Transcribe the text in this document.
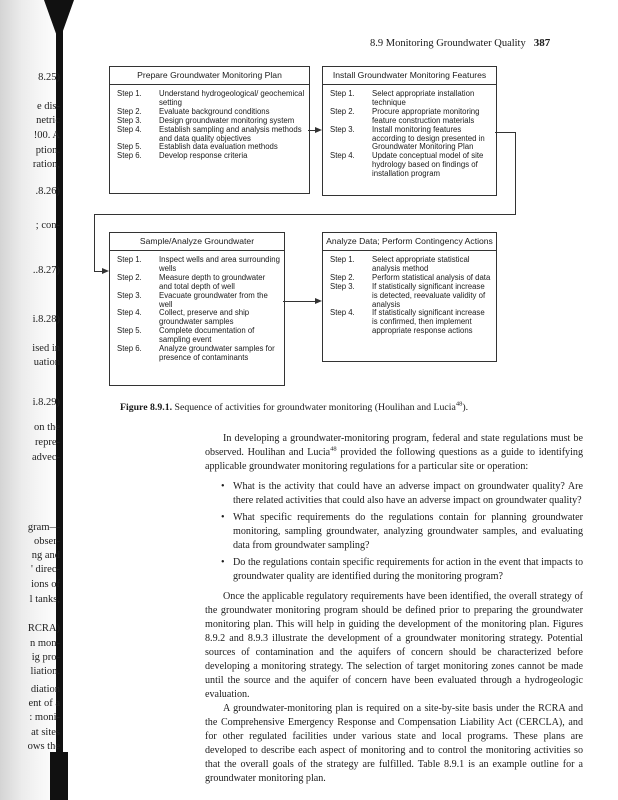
8.25)
e dis-
netric
!00. A
ption.
ration,
.8.26)
; con-
..8.27)
i.8.28)
ised in
uation
i.8.29)
on the
repre-
advec-
gram—
obser-
ng and
' direc-
ions of
l tanks,
RCRA)
n mon-
ig pro-
liation.
diation
ent of a
: moni-
at sites
ows the
8.9 Monitoring Groundwater Quality 387
Prepare Groundwater Monitoring Plan
Step 1.	Understand hydrogeological/ geochemical setting
Step 2.	Evaluate background conditions
Step 3.	Design groundwater monitoring system
Step 4.	Establish sampling and analysis methods and data quality objectives
Step 5.	Establish data evaluation methods
Step 6.	Develop response criteria
Install Groundwater Monitoring Features
Step 1.	Select appropriate installation technique
Step 2.	Procure appropriate monitoring feature construction materials
Step 3.	Install monitoring features according to design presented in Groundwater Monitoring Plan
Step 4.	Update conceptual model of site hydrology based on findings of installation program
Sample/Analyze Groundwater
Step 1.	Inspect wells and area surrounding wells
Step 2.	Measure depth to groundwater and total depth of well
Step 3.	Evacuate groundwater from the well
Step 4.	Collect, preserve and ship groundwater samples
Step 5.	Complete documentation of sampling event
Step 6.	Analyze groundwater samples for presence of contaminants
Analyze Data; Perform Contingency Actions
Step 1.	Select appropriate statistical analysis method
Step 2.	Perform statistical analysis of data
Step 3.	If statistically significant increase is detected, reevaluate validity of analysis
Step 4.	If statistically significant increase is confirmed, then implement appropriate response actions
Figure 8.9.1. Sequence of activities for groundwater monitoring (Houlihan and Lucia$^{48}$).

In developing a groundwater-monitoring program, federal and state regulations must be observed. Houlihan and Lucia$^{48}$ provided the following questions as a guide to identifying applicable groundwater monitoring regulations for a particular site or operation:

• What is the activity that could have an adverse impact on groundwater quality? Are there related activities that could also have an adverse impact on groundwater quality?
• What specific requirements do the regulations contain for planning groundwater monitoring, sampling groundwater, analyzing groundwater samples, and evaluating data from groundwater sampling?
• Do the regulations contain specific requirements for action in the event that impacts to groundwater quality are identified during the monitoring program?

Once the applicable regulatory requirements have been identified, the overall strategy of the groundwater monitoring program should be defined prior to preparing the groundwater monitoring plan. This will help in guiding the development of the monitoring plan. Figures 8.9.2 and 8.9.3 illustrate the development of a groundwater monitoring strategy. Potential sources of contamination and the aquifers of concern should be characterized before developing a monitoring strategy. The selection of target monitoring zones cannot be made until the source and the aquifer of concern have been evaluated through a hydrogeologic evaluation.

A groundwater-monitoring plan is required on a site-by-site basis under the RCRA and the Comprehensive Emergency Response and Compensation Liability Act (CERCLA), and for other regulated facilities under various state and local programs. These plans are developed to describe each aspect of monitoring and to control the monitoring activities so that the overall goals of the strategy are fulfilled. Table 8.9.1 is an example outline for a groundwater monitoring plan.
